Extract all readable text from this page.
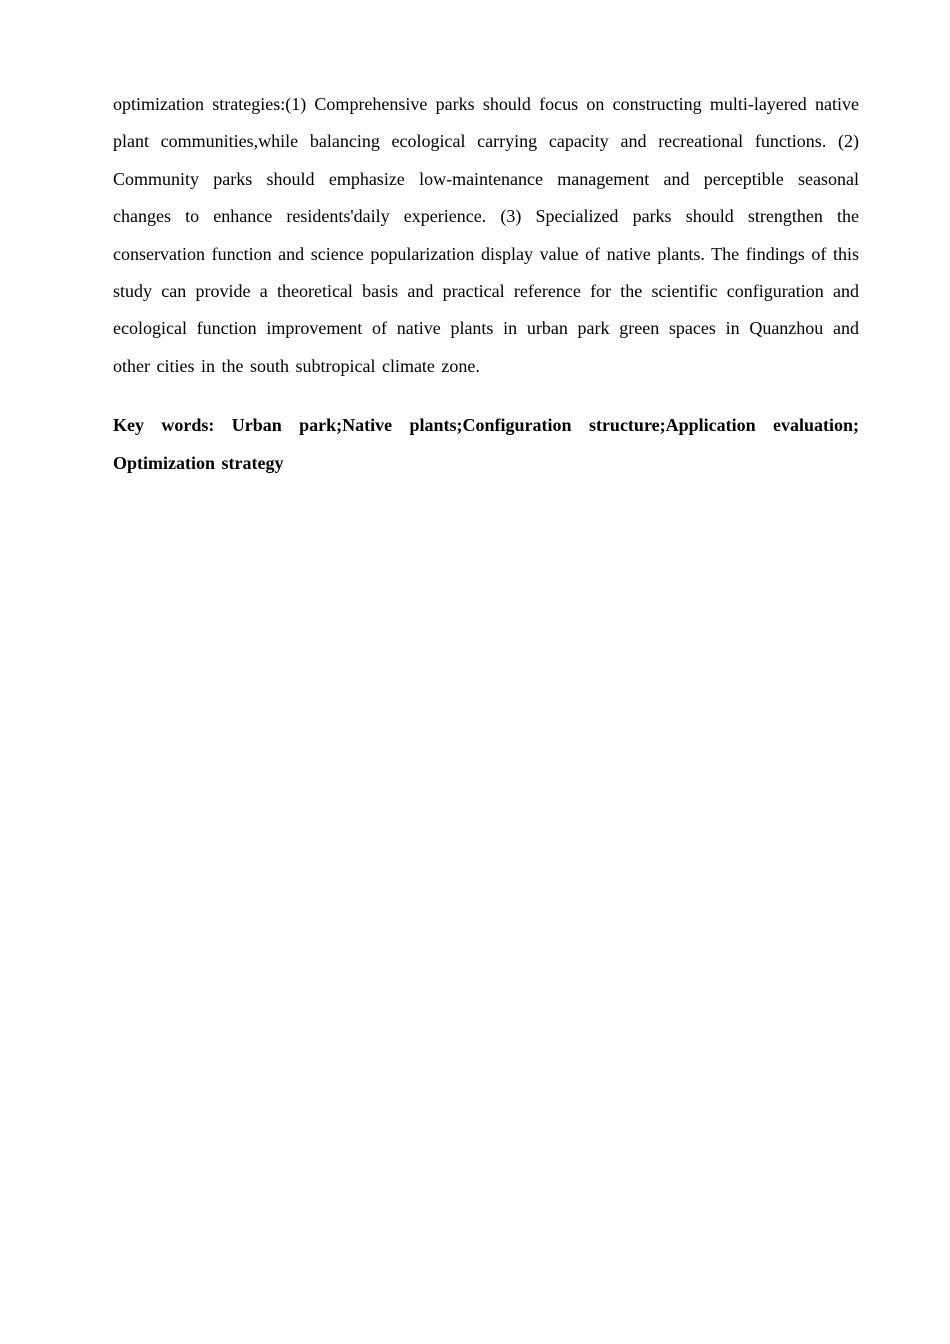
optimization strategies:(1) Comprehensive parks should focus on constructing multi-layered native plant communities,while balancing ecological carrying capacity and recreational functions. (2) Community parks should emphasize low-maintenance management and perceptible seasonal changes to enhance residents'daily experience. (3) Specialized parks should strengthen the conservation function and science popularization display value of native plants. The findings of this study can provide a theoretical basis and practical reference for the scientific configuration and ecological function improvement of native plants in urban park green spaces in Quanzhou and other cities in the south subtropical climate zone.

Key words: Urban park;Native plants;Configuration structure;Application evaluation; Optimization strategy
